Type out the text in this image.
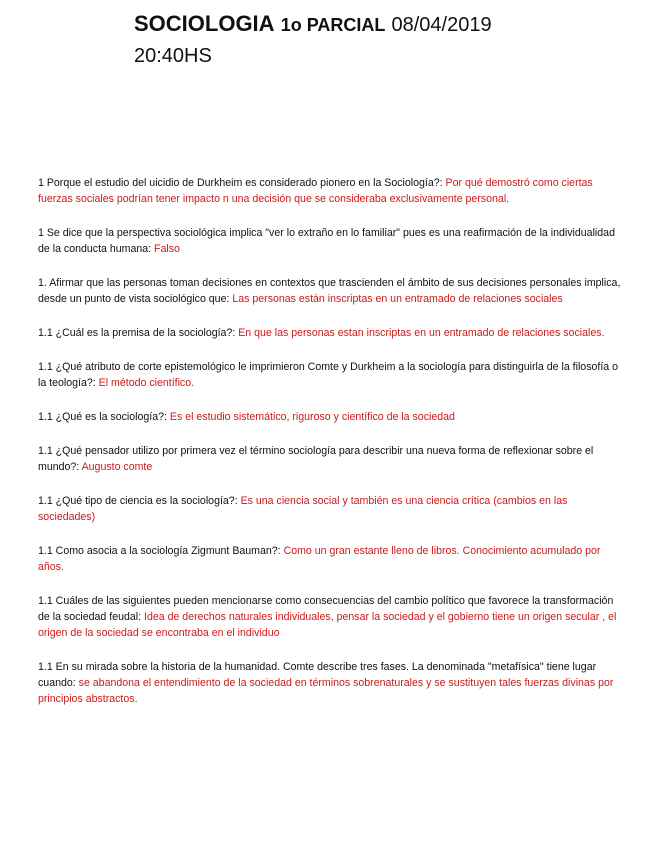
SOCIOLOGIA 1o PARCIAL 08/04/2019
20:40HS

1 Porque el estudio del uicidio de Durkheim es considerado pionero en la Sociología?: Por qué demostró como ciertas fuerzas sociales podrían tener impacto n una decisión que se consideraba exclusivamente personal.

1 Se dice que la perspectiva sociológica implica "ver lo extraño en lo familiar" pues es una reafirmación de la individualidad de la conducta humana: Falso

1. Afirmar que las personas toman decisiones en contextos que trascienden el ámbito de sus decisiones personales implica, desde un punto de vista sociológico que: Las personas están inscriptas en un entramado de relaciones sociales

1.1 ¿Cuál es la premisa de la sociología?: En que las personas estan inscriptas en un entramado de relaciones sociales.

1.1 ¿Qué atributo de corte epistemológico le imprimieron Comte y Durkheim a la sociología para distinguirla de la filosofía o la teología?: El método científico.

1.1 ¿Qué es la sociología?: Es el estudio sistemático, riguroso y científico de la sociedad

1.1 ¿Qué pensador utilizo por primera vez el término sociología para describir una nueva forma de reflexionar sobre el mundo?: Augusto comte

1.1 ¿Qué tipo de ciencia es la sociología?: Es una ciencia social y también es una ciencia crítica (cambios en las sociedades)

1.1 Como asocia a la sociología Zigmunt Bauman?: Como un gran estante lleno de libros. Conocimiento acumulado por años.

1.1 Cuáles de las siguientes pueden mencionarse como consecuencias del cambio político que favorece la transformación de la sociedad feudal: Idea de derechos naturales individuales, pensar la sociedad y el gobierno tiene un origen secular , el origen de la sociedad se encontraba en el individuo

1.1 En su mirada sobre la historia de la humanidad. Comte describe tres fases. La denominada "metafísica" tiene lugar cuando: se abandona el entendimiento de la sociedad en términos sobrenaturales y se sustituyen tales fuerzas divinas por principios abstractos.
